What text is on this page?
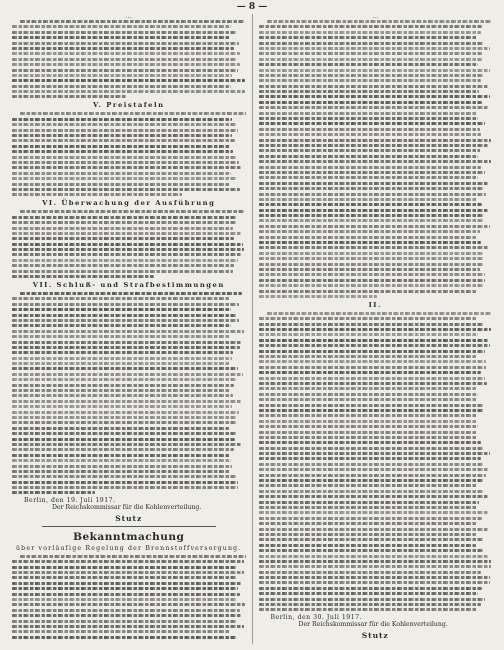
— 8 —
…
V. Preistafeln
VI. Überwachung der Ausführung
VII. Schluß- und Strafbestimmungen
Berlin, den 19. Juli 1917.
Der Reichskommissar für die Kohlenverteilung.
Stutz
Bekanntmachung
über vorläufige Regelung der Brennstoffversorgung.
…
II.
Berlin, den 30. Juli 1917.
Der Reichskommissar für die Kohlenverteilung.
Stutz
